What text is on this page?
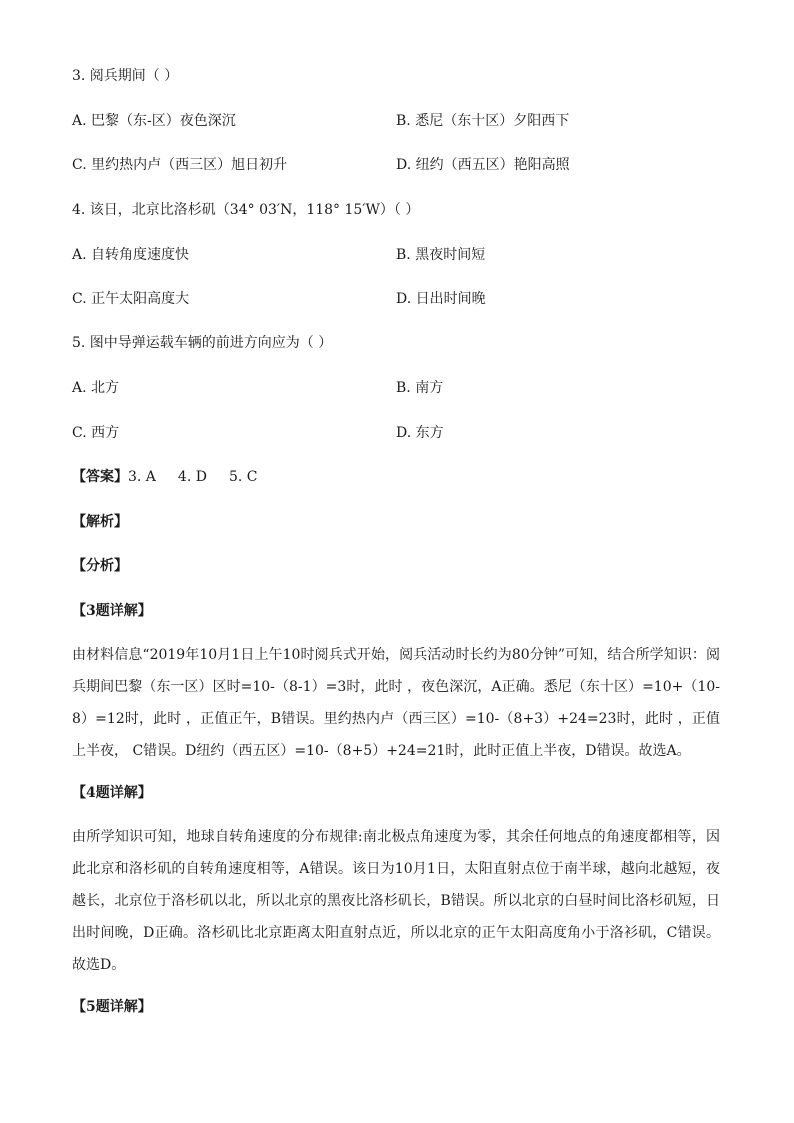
3. 阅兵期间（ ）
A. 巴黎（东-区）夜色深沉	B. 悉尼（东十区）夕阳西下
C. 里约热内卢（西三区）旭日初升	D. 纽约（西五区）艳阳高照
4. 该日，北京比洛杉矶（34° 03′N，118° 15′W）（ ）
A. 自转角度速度快	B. 黑夜时间短
C. 正午太阳高度大	D. 日出时间晚
5. 图中导弹运载车辆的前进方向应为（ ）
A. 北方	B. 南方
C. 西方	D. 东方
【答案】3. A 4. D 5. C
【解析】
【分析】
【3题详解】
由材料信息“2019年10月1日上午10时阅兵式开始，阅兵活动时长约为80分钟”可知，结合所学知识：阅兵期间巴黎（东一区）区时=10-（8-1）=3时，此时 ，夜色深沉，A正确。悉尼（东十区）=10+（10-8）=12时，此时 ，正值正午，B错误。里约热内卢（西三区）=10-（8+3）+24=23时，此时 ，正值上半夜， C错误。D纽约（西五区）=10-（8+5）+24=21时，此时正值上半夜，D错误。故选A。
【4题详解】
由所学知识可知，地球自转角速度的分布规律:南北极点角速度为零，其余任何地点的角速度都相等，因此北京和洛杉矶的自转角速度相等，A错误。该日为10月1日，太阳直射点位于南半球，越向北越短，夜越长，北京位于洛杉矶以北，所以北京的黑夜比洛杉矶长，B错误。所以北京的白昼时间比洛杉矶短，日出时间晚，D正确。洛杉矶比北京距离太阳直射点近，所以北京的正午太阳高度角小于洛衫矶，C错误。故选D。
【5题详解】
